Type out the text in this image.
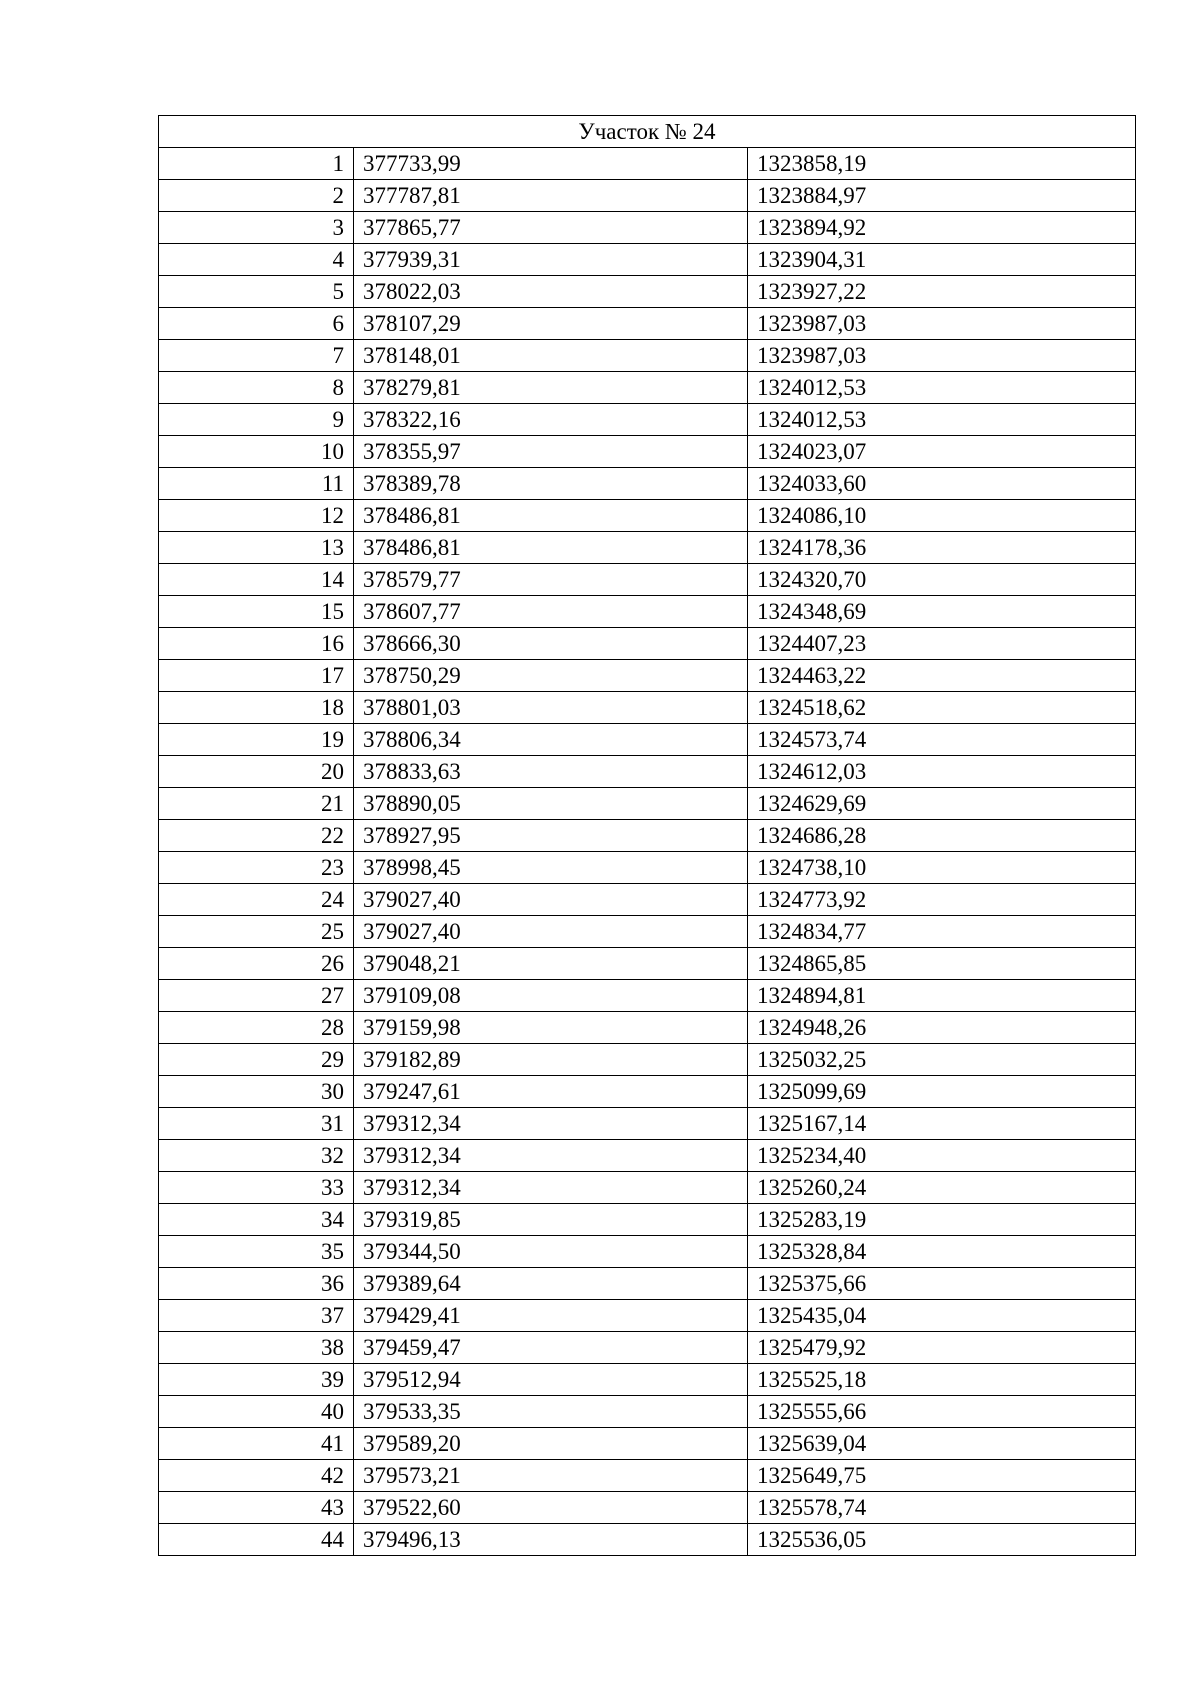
Участок № 24		
1	377733,99	1323858,19
2	377787,81	1323884,97
3	377865,77	1323894,92
4	377939,31	1323904,31
5	378022,03	1323927,22
6	378107,29	1323987,03
7	378148,01	1323987,03
8	378279,81	1324012,53
9	378322,16	1324012,53
10	378355,97	1324023,07
11	378389,78	1324033,60
12	378486,81	1324086,10
13	378486,81	1324178,36
14	378579,77	1324320,70
15	378607,77	1324348,69
16	378666,30	1324407,23
17	378750,29	1324463,22
18	378801,03	1324518,62
19	378806,34	1324573,74
20	378833,63	1324612,03
21	378890,05	1324629,69
22	378927,95	1324686,28
23	378998,45	1324738,10
24	379027,40	1324773,92
25	379027,40	1324834,77
26	379048,21	1324865,85
27	379109,08	1324894,81
28	379159,98	1324948,26
29	379182,89	1325032,25
30	379247,61	1325099,69
31	379312,34	1325167,14
32	379312,34	1325234,40
33	379312,34	1325260,24
34	379319,85	1325283,19
35	379344,50	1325328,84
36	379389,64	1325375,66
37	379429,41	1325435,04
38	379459,47	1325479,92
39	379512,94	1325525,18
40	379533,35	1325555,66
41	379589,20	1325639,04
42	379573,21	1325649,75
43	379522,60	1325578,74
44	379496,13	1325536,05
